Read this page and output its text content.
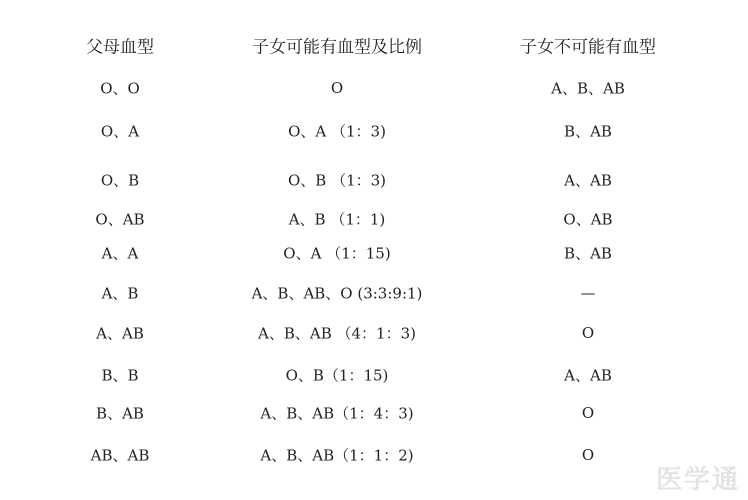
父母血型	子女可能有血型及比例	子女不可能有血型
O、O	O	A、B、AB
O、A	O、A （1：3)	B、AB
O、B	O、B （1：3)	A、AB
O、AB	A、B （1：1)	O、AB
A、A	O、A （1：15)	B、AB
A、B	A、B、AB、O (3:3:9:1)	—
A、AB	A、B、AB （4：1：3)	O
B、B	O、B（1：15)	A、AB
B、AB	A、B、AB（1：4：3)	O
AB、AB	A、B、AB（1：1：2)	O
医学通
